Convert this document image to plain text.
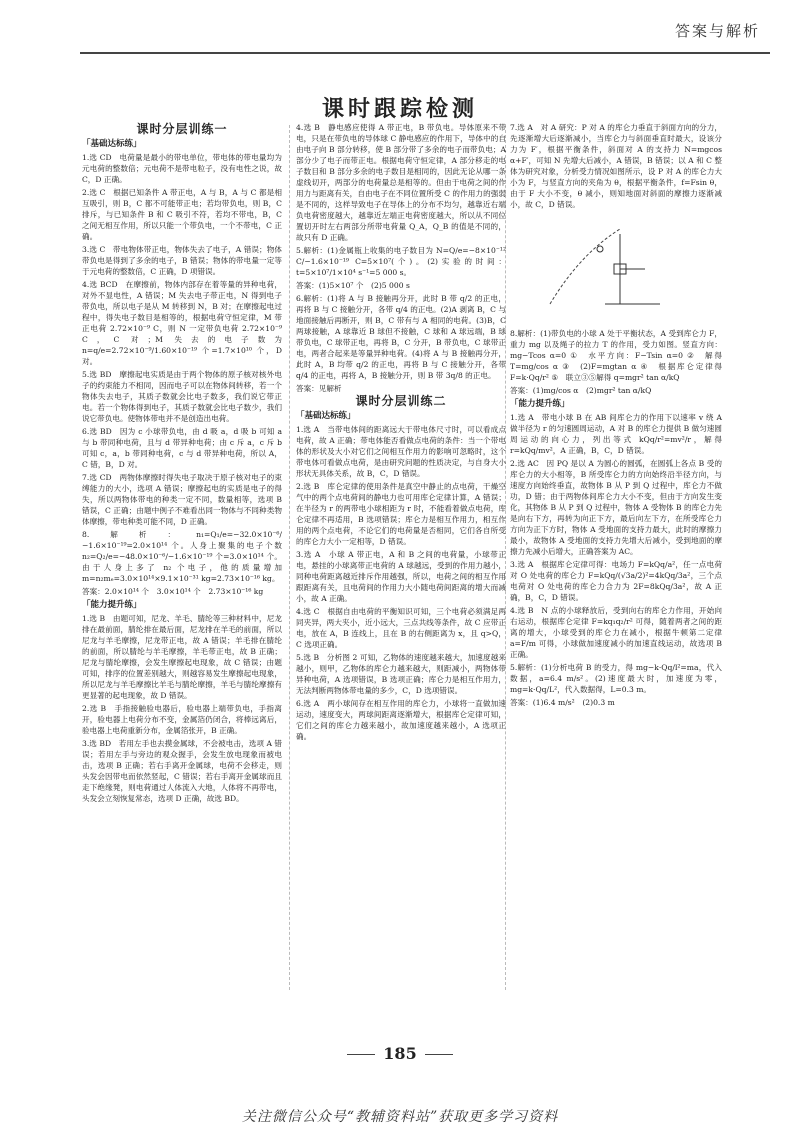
答案与解析
课时跟踪检测
课时分层训练一
「基础达标练」
1.选 CD　电荷量是最小的带电单位，带电体的带电量均为元电荷的整数倍；元电荷不是带电粒子，没有电性之说，故 C，D 正确。
2.选 C　根据已知条件 A 带正电，A 与 B，A 与 C 都是相互吸引，则 B，C 都不可能带正电；若均带负电，则 B，C 排斥，与已知条件 B 和 C 吸引不符，若均不带电，B，C 之间无相互作用，所以只能一个带负电，一个不带电，C 正确。
3.选 C　带电物体带正电，物体失去了电子，A 错误；物体带负电是得到了多余的电子，B 错误；物体的带电量一定等于元电荷的整数倍，C 正确，D 项错误。
4.选 BCD　在摩擦前，物体内部存在着等量的异种电荷，对外不显电性，A 错误；M 失去电子带正电，N 得到电子带负电，所以电子是从 M 转移到 N，B 对；在摩擦起电过程中，得失电子数目是相等的，根据电荷守恒定律，M 带正电荷 2.72×10⁻⁹ C，则 N 一定带负电荷 2.72×10⁻⁹ C，C 对；M 失去的电子数为 n=q/e=2.72×10⁻⁹/1.60×10⁻¹⁹ 个=1.7×10¹⁰ 个，D 对。
5.选 BD　摩擦起电实质是由于两个物体的原子核对核外电子的约束能力不相同，因而电子可以在物体间转移，若一个物体失去电子，其质子数就会比电子数多，我们说它带正电。若一个物体得到电子，其质子数就会比电子数少，我们说它带负电。使物体带电并不是创造出电荷。
6.选 BD　因为 c 小球带负电，由 d 吸 a，d 吸 b 可知 a 与 b 带同种电荷，且与 d 带异种电荷；由 c 斥 a，c 斥 b 可知 c，a，b 带同种电荷，c 与 d 带异种电荷，所以 A，C 错，B，D 对。
7.选 CD　两物体摩擦时得失电子取决于原子核对电子的束缚能力的大小，选项 A 错误；摩擦起电的实质是电子的得失，所以两物体带电的种类一定不同，数量相等，选项 B 错误，C 正确；由题中例子不难看出同一物体与不同种类物体摩擦，带电种类可能不同，D 正确。
8.解析：n₁=Q₁/e=−32.0×10⁻⁶/−1.6×10⁻¹⁹=2.0×10¹⁴ 个。人身上聚集的电子个数 n₂=Q₂/e=−48.0×10⁻⁶/−1.6×10⁻¹⁹ 个=3.0×10¹⁴ 个。由于人身上多了 n₂ 个电子，他的质量增加 m=n₂mₑ=3.0×10¹⁴×9.1×10⁻³¹ kg=2.73×10⁻¹⁶ kg。
答案：2.0×10¹⁴ 个　3.0×10¹⁴ 个　2.73×10⁻¹⁶ kg
「能力提升练」
1.选 B　由题可知，尼龙、羊毛、腈纶等三种材料中，尼龙排在最前面，腈纶排在最后面，尼龙排在羊毛的前面，所以尼龙与羊毛摩擦，尼龙带正电，故 A 错误；羊毛排在腈纶的前面，所以腈纶与羊毛摩擦，羊毛带正电，故 B 正确；尼龙与腈纶摩擦，会发生摩擦起电现象，故 C 错误；由题可知，排序的位置差别越大，则越容易发生摩擦起电现象，所以尼龙与羊毛摩擦比羊毛与腈纶摩擦，羊毛与腈纶摩擦有更显著的起电现象，故 D 错误。
2.选 B　手指接触验电器后，验电器上端带负电，手指离开，验电器上电荷分布不变，金属箔仍闭合，将棒远离后，验电器上电荷重新分布，金属箔张开，B 正确。
3.选 BD　若用左手也去摸金属球，不会被电击，选项 A 错误；若用左手与旁边的观众握手，会发生放电现象而被电击，选项 B 正确；若右手离开金属球，电荷不会移走，则头发会因带电而依然竖起，C 错误；若右手离开金属球而且走下绝缘凳，则电荷通过人体流入大地，人体将不再带电，头发会立刻恢复常态，选项 D 正确，故选 BD。
4.选 B　静电感应使得 A 带正电，B 带负电。导体原来不带电，只是在带负电的导体球 C 静电感应的作用下，导体中的自由电子向 B 部分转移，使 B 部分带了多余的电子而带负电；A 部分少了电子而带正电。根据电荷守恒定律，A 部分移走的电子数目和 B 部分多余的电子数目是相同的，因此无论从哪一条虚线切开，两部分的电荷量总是相等的。但由于电荷之间的作用力与距离有关，自由电子在不同位置所受 C 的作用力的强弱是不同的，这样导致电子在导体上的分布不均匀，越靠近右端负电荷密度越大，越靠近左端正电荷密度越大，所以从不同位置切开时左右两部分所带电荷量 Q_A，Q_B 的值是不同的，故只有 D 正确。
5.解析：(1)金属瓶上收集的电子数目为 N=Q/e=−8×10⁻¹² C/−1.6×10⁻¹⁹ C=5×10⁷(个)。(2)实验的时间：t=5×10⁷/1×10⁴ s⁻¹=5 000 s。
答案：(1)5×10⁷ 个　(2)5 000 s
6.解析：(1)将 A 与 B 接触再分开，此时 B 带 q/2 的正电，再将 B 与 C 接触分开，各带 q/4 的正电。(2)A 剥离 B，C 与地面接触后再断开，则 B，C 带有与 A 相同的电荷。(3)B，C 两球接触，A 球靠近 B 球但不接触，C 球和 A 球远端，B 球带负电，C 球带正电，再将 B，C 分开，B 带负电，C 球带正电，两者合起来是等量异种电荷。(4)将 A 与 B 接触再分开，此时 A，B 均带 q/2 的正电，再将 B 与 C 接触分开，各带 q/4 的正电，再将 A，B 接触分开，则 B 带 3q/8 的正电。
答案：见解析
课时分层训练二
「基础达标练」
1.选 A　当带电体间的距离远大于带电体尺寸时，可以看成点电荷，故 A 正确；带电体能否看做点电荷的条件：当一个带电体的形状及大小对它们之间相互作用力的影响可忽略时，这个带电体可看做点电荷，是由研究问题的性质决定，与自身大小形状无具体关系，故 B，C，D 错误。
2.选 B　库仑定律的使用条件是真空中静止的点电荷，干燥空气中的两个点电荷间的静电力也可用库仑定律计算，A 错误；在半径为 r 的两带电小球相距为 r 时，不能看着做点电荷，库仑定律不再适用，B 选项错误；库仑力是相互作用力，相互作用的两个点电荷，不论它们的电荷量是否相同，它们各自所受的库仑力大小一定相等，D 错误。
3.选 A　小球 A 带正电，A 和 B 之间的电荷量，小球带正电，悬挂的小球离带正电荷的 A 球越远，受到的作用力越小，同种电荷距离越近排斥作用越强，所以，电荷之间的相互作用跟距离有关，且电荷间的作用力大小随电荷间距离的增大而减小，故 A 正确。
4.选 C　根据自由电荷的平衡知识可知，三个电荷必须满足两同夹异，两大夹小，近小远大，三点共线等条件，故 C 应带正电，放在 A，B 连线上，且在 B 的右侧距离为 x，且 q>Q，C 选项正确。
5.选 B　分析图 2 可知，乙物体的速度越来越大，加速度越来越小，则甲，乙物体的库仑力越来越大，则距减小，两物体带异种电荷，A 选项错误，B 选项正确；库仑力是相互作用力，无法判断两物体带电量的多少，C，D 选项错误。
6.选 A　两小球间存在相互作用的库仑力，小球将一直做加速运动，速度变大，两球间距离逐渐增大，根据库仑定律可知，它们之间的库仑力越来越小，故加速度越来越小，A 选项正确。
7.选 A　对 A 研究：P 对 A 的库仑力垂直于斜面方向的分力，先逐渐增大后逐渐减小，当库仑力与斜面垂直时最大，设该分力为 F′，根据平衡条件，斜面对 A 的支持力 N=mgcos α+F′，可知 N 先增大后减小，A 错误，B 错误；以 A 和 C 整体为研究对象，分析受力情况如图所示，设 P 对 A 的库仑力大小为 F，与竖直方向的夹角为 θ，根据平衡条件，f=Fsin θ，由于 F 大小不变，θ 减小，则知地面对斜面的摩擦力逐渐减小，故 C，D 错误。
8.解析：(1)带负电的小球 A 处于平衡状态，A 受到库仑力 F，重力 mg 以及绳子的拉力 T 的作用，受力如图。竖直方向：mg−Tcos α=0 ①　水平方向：F−Tsin α=0 ②　解得 T=mg/cos α ③　(2)F=mgtan α ④　根据库仑定律得 F=k·Qq/r² ⑤　联立③⑤解得 q=mgr² tan α/kQ
答案：(1)mg/cos α　(2)mgr² tan α/kQ
「能力提升练」
1.选 A　带电小球 B 在 AB 间库仑力的作用下以速率 v 绕 A 做半径为 r 的匀速圆周运动，A 对 B 的库仑力提供 B 做匀速圆周运动的向心力，列出等式 kQq/r²=mv²/r，解得 r=kQq/mv²，A 正确，B，C，D 错误。
2.选 AC　因 PQ 是以 A 为圆心的圆弧，在圆弧上各点 B 受的库仑力的大小相等，B 所受库仑力的方向始终沿半径方向，与速度方向始终垂直，故物体 B 从 P 到 Q 过程中，库仑力不做功，D 错；由于两物体间库仑力大小不变，但由于方向发生变化，其物体 B 从 P 到 Q 过程中，物体 A 受物体 B 的库仑力先是向右下方，再转为向正下方，最后向左下方，在所受库仑力方向为正下方时，物体 A 受地面的支持力最大，此时的摩擦力最小，故物体 A 受地面的支持力先增大后减小，受到地面的摩擦力先减小后增大，正确答案为 AC。
3.选 A　根据库仑定律可得：电场力 F=kQq/a²，任一点电荷对 O 处电荷的库仑力 F=kQq/(√3a/2)²=4kQq/3a²，三个点电荷对 O 处电荷的库仑力合力为 2F=8kQq/3a²，故 A 正确，B，C，D 错误。
4.选 B　N 点的小球释放后，受到向右的库仑力作用，开始向右运动，根据库仑定律 F=kq₁q₂/r² 可得，随着两者之间的距离的增大，小球受到的库仑力在减小，根据牛顿第二定律 a=F/m 可得，小球做加速度减小的加速直线运动，故选项 B 正确。
5.解析：(1)分析电荷 B 的受力，得 mg−k·Qq/l²=ma，代入数据，a=6.4 m/s²。(2)速度最大时，加速度为零，mg=k·Qq/L²，代入数据得，L=0.3 m。
答案：(1)6.4 m/s²　(2)0.3 m
185
关注微信公众号“教辅资料站”获取更多学习资料
